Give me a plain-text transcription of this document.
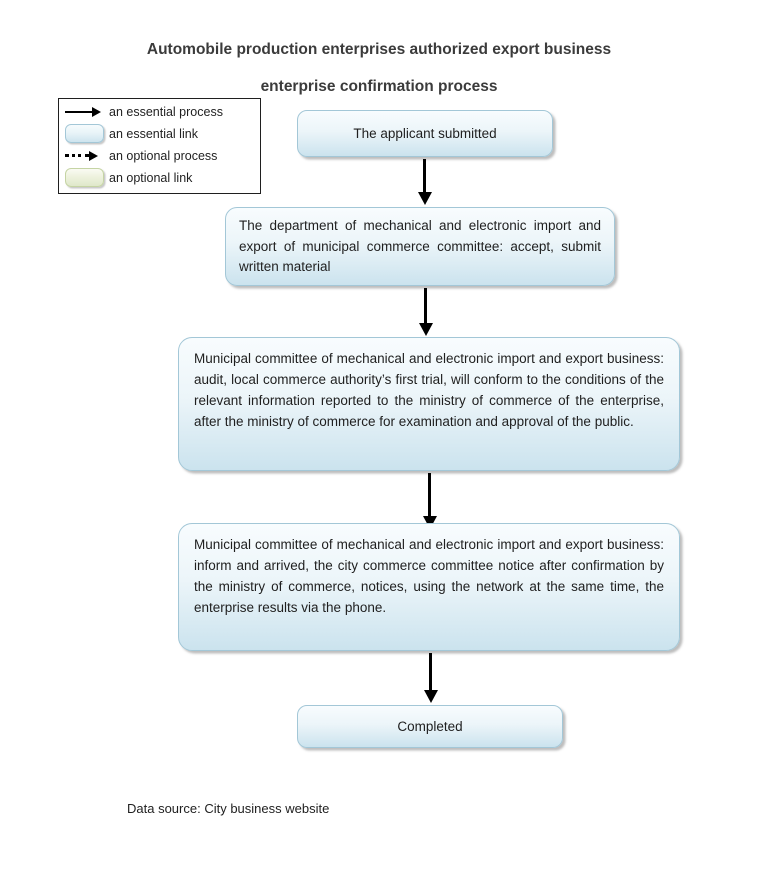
Automobile production enterprises authorized export business
enterprise confirmation process
an essential process
an essential link
an optional process
an optional link
The applicant submitted
The department of mechanical and electronic import and export of municipal commerce committee: accept, submit written material
Municipal committee of mechanical and electronic import and export business: audit, local commerce authority’s first trial, will conform to the conditions of the relevant information reported to the ministry of commerce of the enterprise, after the ministry of commerce for examination and approval of the public.
Municipal committee of mechanical and electronic import and export business: inform and arrived, the city commerce committee notice after confirmation by the ministry of commerce, notices, using the network at the same time, the enterprise results via the phone.
Completed
Data source: City business website
